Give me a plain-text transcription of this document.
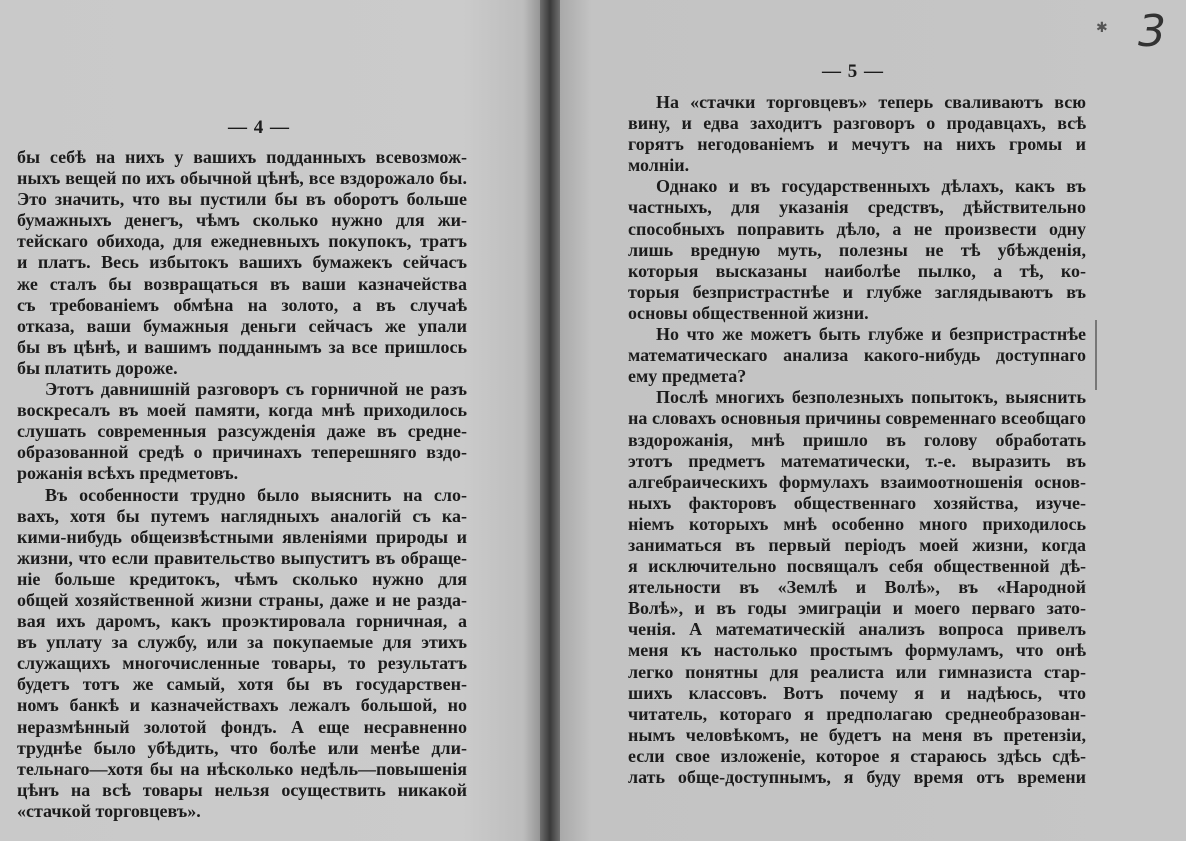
— 4 —
бы себѣ на нихъ у вашихъ подданныхъ всевозмож-
ныхъ вещей по ихъ обычной цѣнѣ, все вздорожало бы.
Это значить, что вы пустили бы въ оборотъ больше
бумажныхъ денегъ, чѣмъ сколько нужно для жи-
тейскаго обихода, для ежедневныхъ покупокъ, тратъ
и платъ. Весь избытокъ вашихъ бумажекъ сейчасъ
же сталъ бы возвращаться въ ваши казначейства
съ требованіемъ обмѣна на золото, а въ случаѣ
отказа, ваши бумажныя деньги сейчасъ же упали
бы въ цѣнѣ, и вашимъ подданнымъ за все пришлось
бы платить дороже.
Этотъ давнишній разговоръ съ горничной не разъ
воскресалъ въ моей памяти, когда мнѣ приходилось
слушать современныя разсужденія даже въ средне-
образованной средѣ о причинахъ теперешняго вздо-
рожанія всѣхъ предметовъ.
Въ особенности трудно было выяснить на сло-
вахъ, хотя бы путемъ наглядныхъ аналогій съ ка-
кими-нибудь общеизвѣстными явленіями природы и
жизни, что если правительство выпуститъ въ обраще-
ніе больше кредитокъ, чѣмъ сколько нужно для
общей хозяйственной жизни страны, даже и не разда-
вая ихъ даромъ, какъ проэктировала горничная, а
въ уплату за службу, или за покупаемые для этихъ
служащихъ многочисленные товары, то результатъ
будетъ тотъ же самый, хотя бы въ государствен-
номъ банкѣ и казначействахъ лежалъ большой, но
неразмѣнный золотой фондъ. А еще несравненно
труднѣе было убѣдить, что болѣе или менѣе дли-
тельнаго—хотя бы на нѣсколько недѣль—повышенія
цѣнъ на всѣ товары нельзя осуществить никакой
«стачкой торговцевъ».
— 5 —
На «стачки торговцевъ» теперь сваливаютъ всю
вину, и едва заходитъ разговоръ о продавцахъ, всѣ
горятъ негодованіемъ и мечутъ на нихъ громы и
молніи.
Однако и въ государственныхъ дѣлахъ, какъ въ
частныхъ, для указанія средствъ, дѣйствительно
способныхъ поправить дѣло, а не произвести одну
лишь вредную муть, полезны не тѣ убѣжденія,
которыя высказаны наиболѣе пылко, а тѣ, ко-
торыя безпристрастнѣе и глубже заглядываютъ въ
основы общественной жизни.
Но что же можетъ быть глубже и безпристрастнѣе
математическаго анализа какого-нибудь доступнаго
ему предмета?
Послѣ многихъ безполезныхъ попытокъ, выяснить
на словахъ основныя причины современнаго всеобщаго
вздорожанія, мнѣ пришло въ голову обработать
этотъ предметъ математически, т.-е. выразить въ
алгебраическихъ формулахъ взаимоотношенія основ-
ныхъ факторовъ общественнаго хозяйства, изуче-
ніемъ которыхъ мнѣ особенно много приходилось
заниматься въ первый періодъ моей жизни, когда
я исключительно посвящалъ себя общественной дѣ-
ятельности въ «Землѣ и Волѣ», въ «Народной
Волѣ», и въ годы эмиграціи и моего перваго зато-
ченія. А математическій анализъ вопроса привелъ
меня къ настолько простымъ формуламъ, что онѣ
легко понятны для реалиста или гимназиста стар-
шихъ классовъ. Вотъ почему я и надѣюсь, что
читатель, котораго я предполагаю среднеобразован-
нымъ человѣкомъ, не будетъ на меня въ претензіи,
если свое изложеніе, которое я стараюсь здѣсь сдѣ-
лать обще-доступнымъ, я буду время отъ времени
✱ 3
